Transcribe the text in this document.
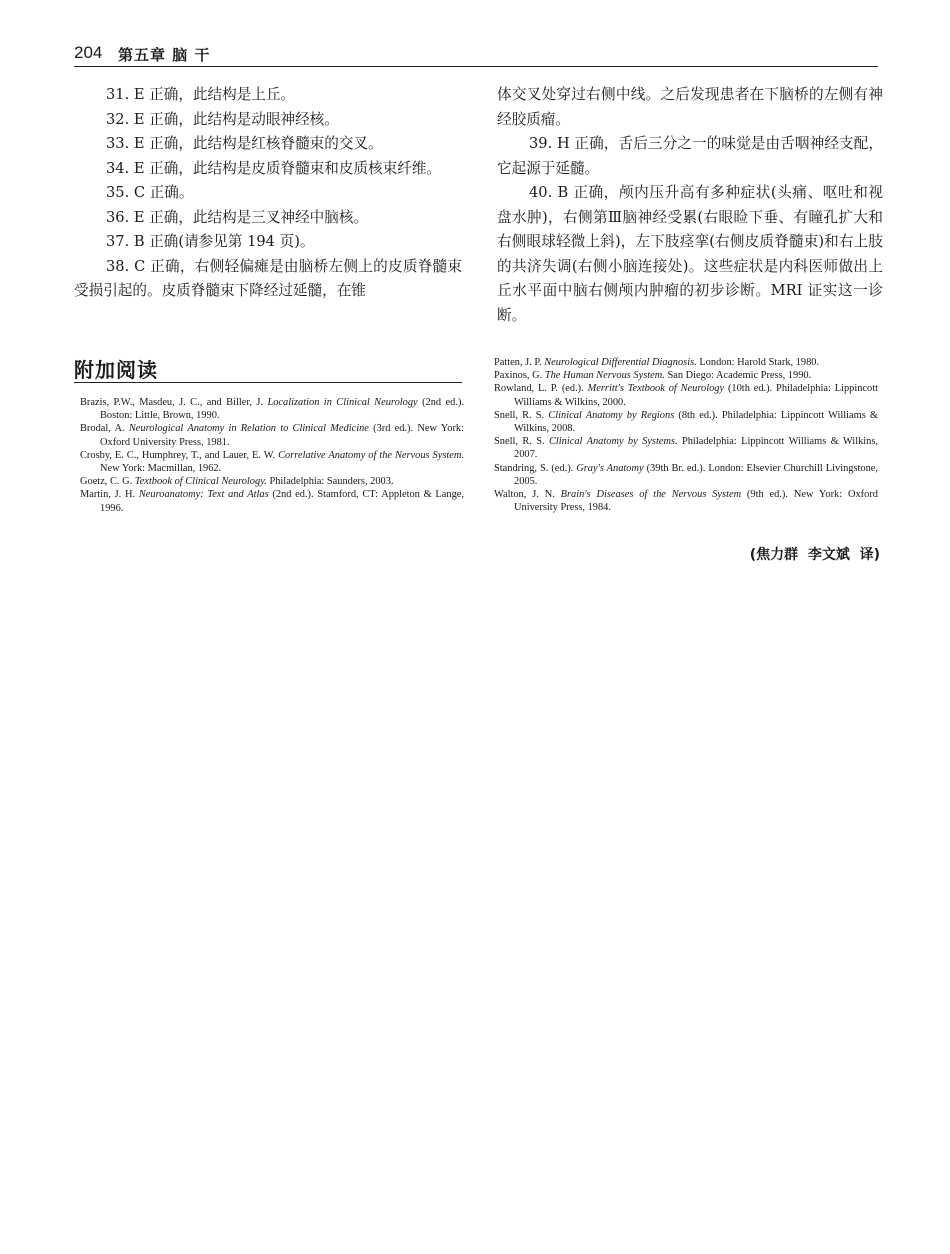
204 第五章 脑 干

31. E 正确，此结构是上丘。

32. E 正确，此结构是动眼神经核。

33. E 正确，此结构是红核脊髓束的交叉。

34. E 正确，此结构是皮质脊髓束和皮质核束纤维。

35. C 正确。

36. E 正确，此结构是三叉神经中脑核。

37. B 正确(请参见第 194 页)。

38. C 正确，右侧轻偏瘫是由脑桥左侧上的皮质脊髓束受损引起的。皮质脊髓束下降经过延髓，在锥

体交叉处穿过右侧中线。之后发现患者在下脑桥的左侧有神经胶质瘤。

39. H 正确，舌后三分之一的味觉是由舌咽神经支配，它起源于延髓。

40. B 正确，颅内压升高有多种症状(头痛、呕吐和视盘水肿)，右侧第Ⅲ脑神经受累(右眼睑下垂、有瞳孔扩大和右侧眼球轻微上斜)，左下肢痉挛(右侧皮质脊髓束)和右上肢的共济失调(右侧小脑连接处)。这些症状是内科医师做出上丘水平面中脑右侧颅内肿瘤的初步诊断。MRI 证实这一诊断。

附加阅读

Brazis, P.W., Masdeu, J. C., and Biller, J. Localization in Clinical Neurology (2nd ed.). Boston: Little, Brown, 1990.

Brodal, A. Neurological Anatomy in Relation to Clinical Medicine (3rd ed.). New York: Oxford University Press, 1981.

Crosby, E. C., Humphrey, T., and Lauer, E. W. Correlative Anatomy of the Nervous System. New York: Macmillan, 1962.

Goetz, C. G. Textbook of Clinical Neurology. Philadelphia: Saunders, 2003.

Martin, J. H. Neuroanatomy: Text and Atlas (2nd ed.). Stamford, CT: Appleton & Lange, 1996.

Patten, J. P. Neurological Differential Diagnosis. London: Harold Stark, 1980.

Paxinos, G. The Human Nervous System. San Diego: Academic Press, 1990.

Rowland, L. P. (ed.). Merritt's Textbook of Neurology (10th ed.). Philadelphia: Lippincott Williams & Wilkins, 2000.

Snell, R. S. Clinical Anatomy by Regions (8th ed.). Philadelphia: Lippincott Williams & Wilkins, 2008.

Snell, R. S. Clinical Anatomy by Systems. Philadelphia: Lippincott Williams & Wilkins, 2007.

Standring, S. (ed.). Gray's Anatomy (39th Br. ed.). London: Elsevier Churchill Livingstone, 2005.

Walton, J. N. Brain's Diseases of the Nervous System (9th ed.). New York: Oxford University Press, 1984.

(焦力群  李文斌  译)
